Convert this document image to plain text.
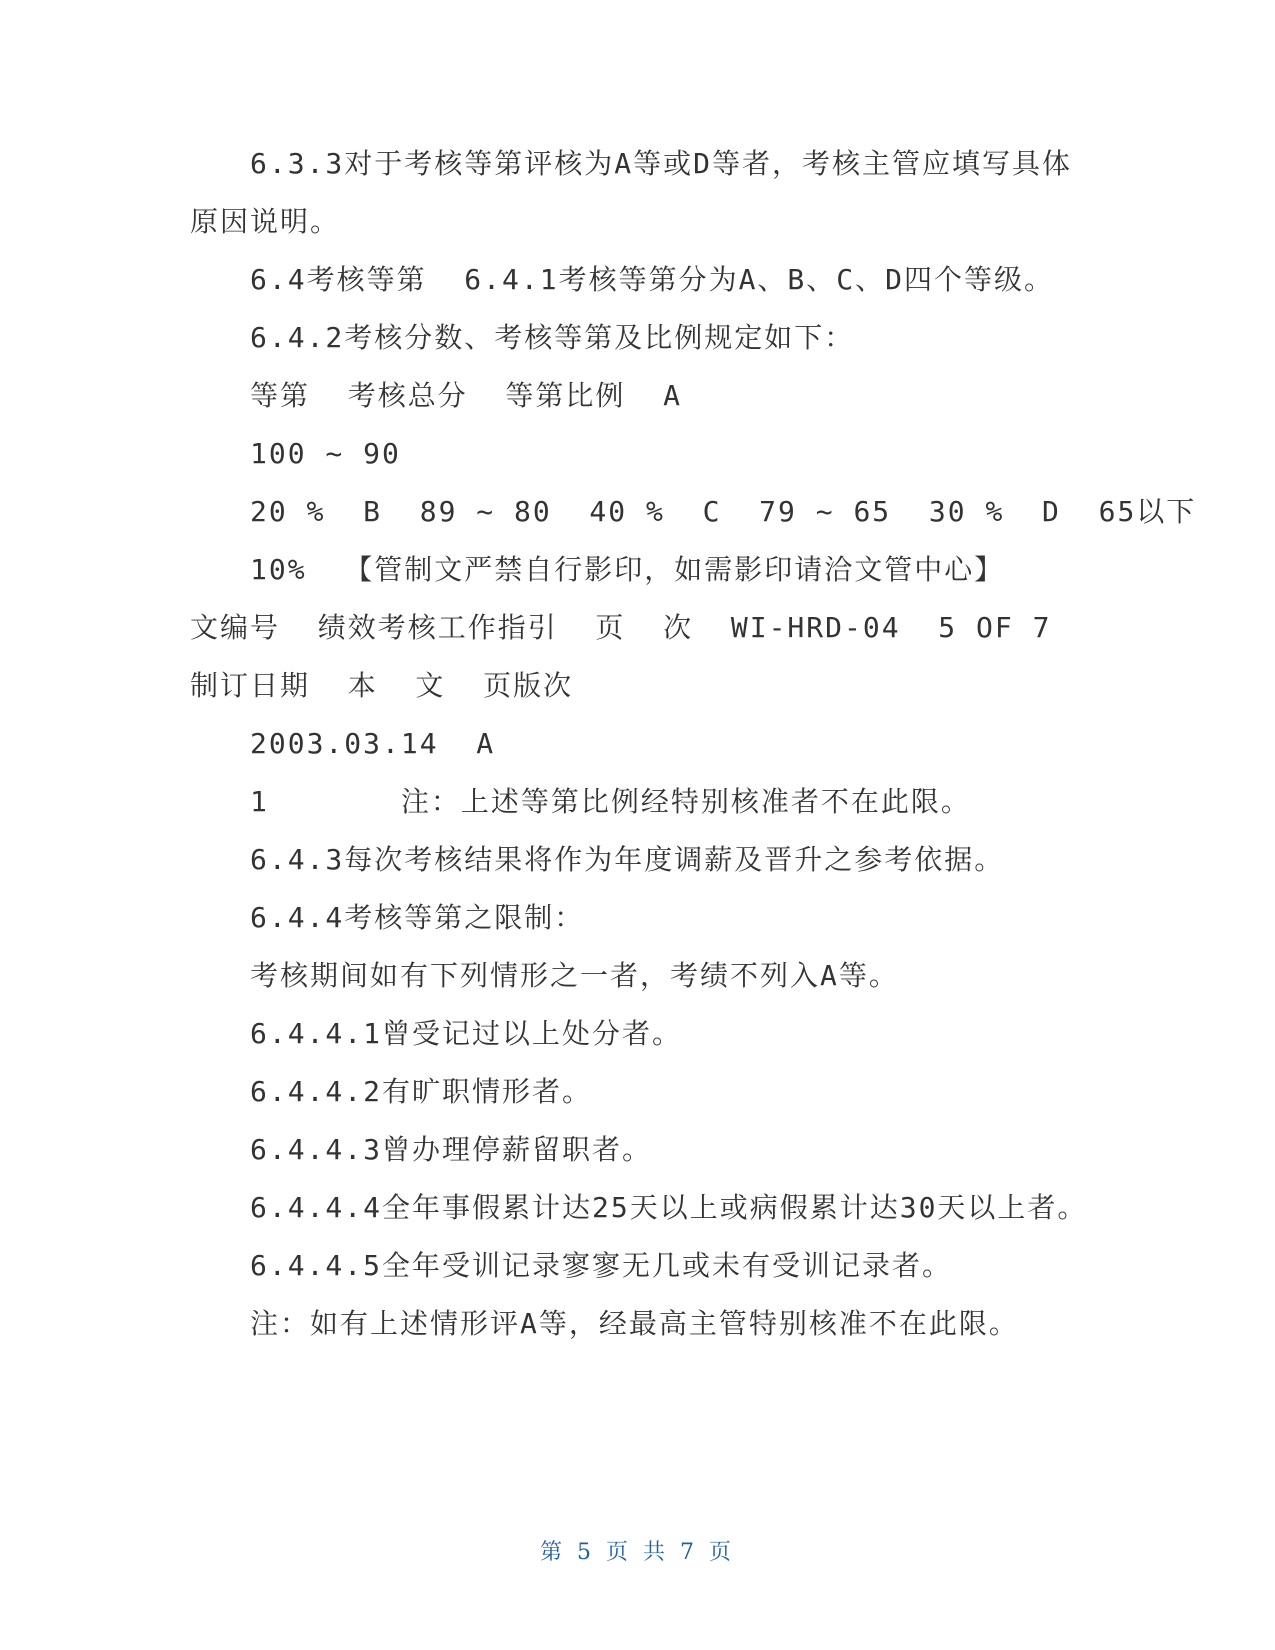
6.3.3对于考核等第评核为A等或D等者，考核主管应填写具体
原因说明。
6.4考核等第  6.4.1考核等第分为A、B、C、D四个等级。
6.4.2考核分数、考核等第及比例规定如下：
等第  考核总分  等第比例  A
100 ~ 90
20 %  B  89 ~ 80  40 %  C  79 ~ 65  30 %  D  65以下
10%  【管制文严禁自行影印，如需影印请洽文管中心】
文编号  绩效考核工作指引  页  次  WI-HRD-04  5 OF 7
制订日期  本  文  页版次
2003.03.14  A
1       注：上述等第比例经特别核准者不在此限。
6.4.3每次考核结果将作为年度调薪及晋升之参考依据。
6.4.4考核等第之限制：
考核期间如有下列情形之一者，考绩不列入A等。
6.4.4.1曾受记过以上处分者。
6.4.4.2有旷职情形者。
6.4.4.3曾办理停薪留职者。
6.4.4.4全年事假累计达25天以上或病假累计达30天以上者。
6.4.4.5全年受训记录寥寥无几或未有受训记录者。
注：如有上述情形评A等，经最高主管特别核准不在此限。
第 5 页 共 7 页
